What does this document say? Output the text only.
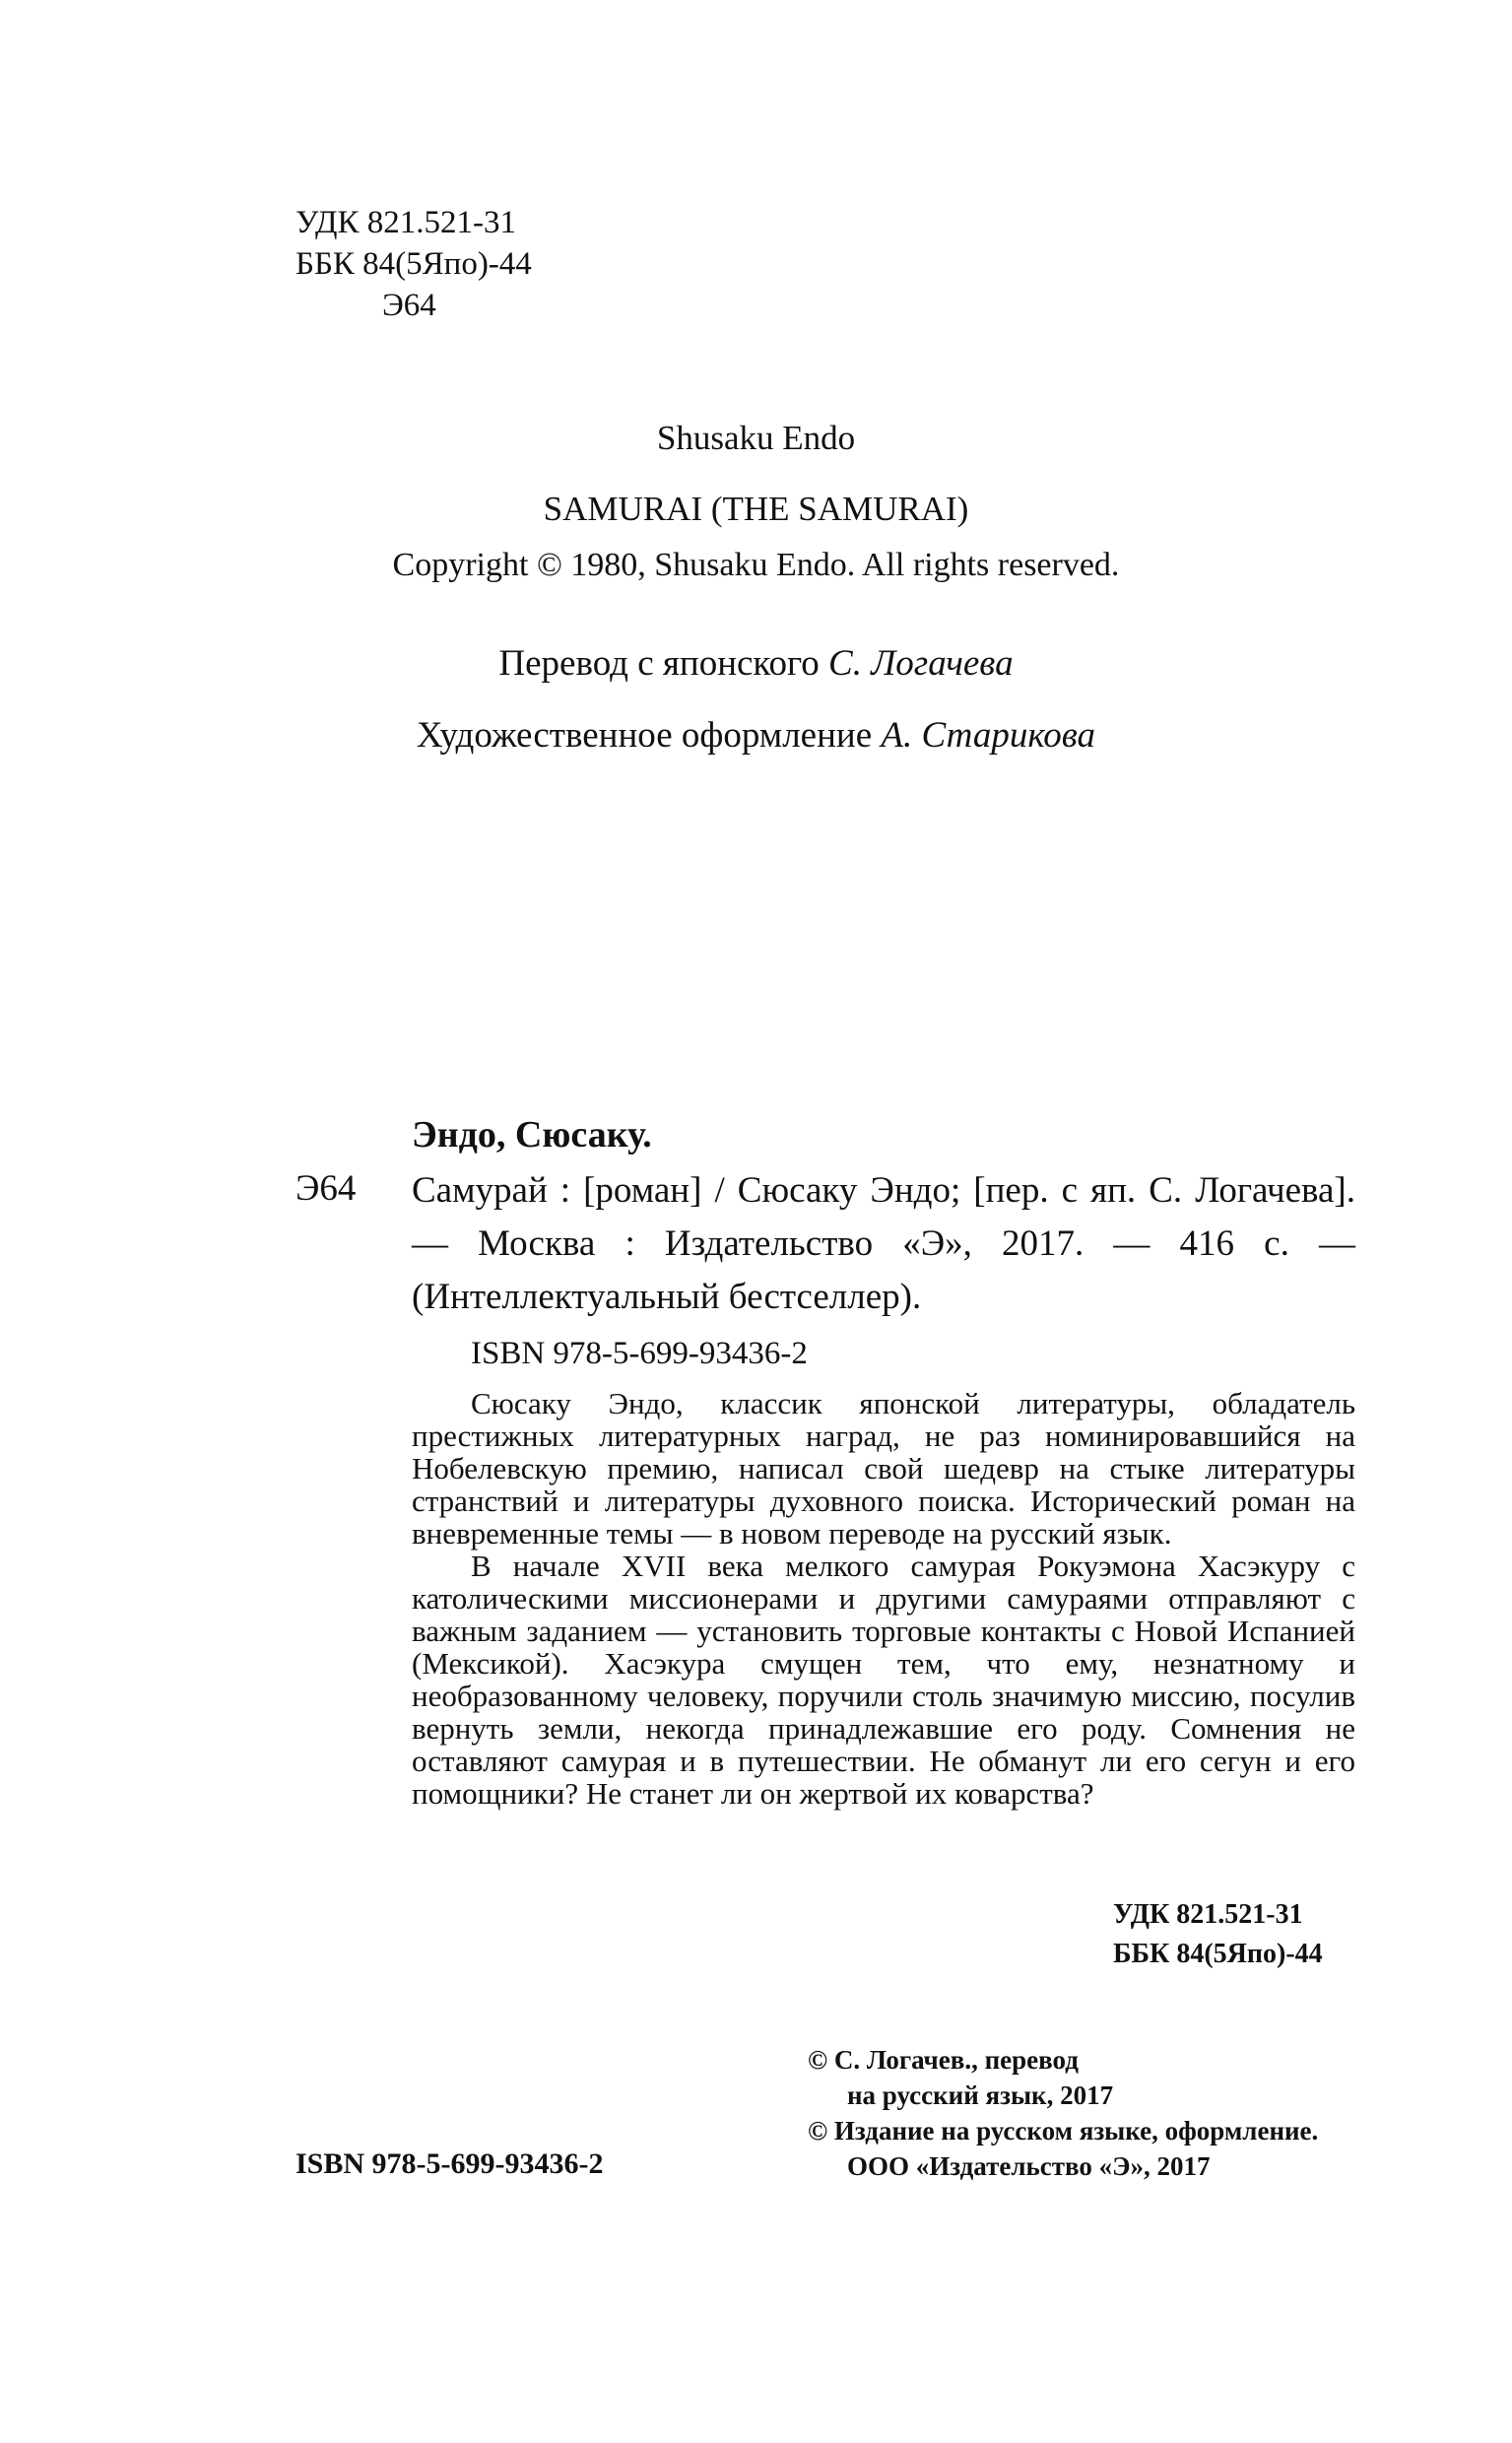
УДК 821.521-31
ББК 84(5Япо)-44
Э64
Shusaku Endo
SAMURAI (THE SAMURAI)
Copyright © 1980, Shusaku Endo. All rights reserved.
Перевод с японского С. Логачева
Художественное оформление А. Старикова
Эндо, Сюсаку.
Э64 Самурай : [роман] / Сюсаку Эндо; [пер. с яп. С. Логачева]. — Москва : Издательство «Э», 2017. — 416 с. — (Интеллектуальный бестселлер).
ISBN 978-5-699-93436-2

Сюсаку Эндо, классик японской литературы, обладатель престижных литературных наград, не раз номинировавшийся на Нобелевскую премию, написал свой шедевр на стыке литературы странствий и литературы духовного поиска. Исторический роман на вневременные темы — в новом переводе на русский язык.

В начале XVII века мелкого самурая Рокуэмона Хасэкуру с католическими миссионерами и другими самураями отправляют с важным заданием — установить торговые контакты с Новой Испанией (Мексикой). Хасэкура смущен тем, что ему, незнатному и необразованному человеку, поручили столь значимую миссию, посулив вернуть земли, некогда принадлежавшие его роду. Сомнения не оставляют самурая и в путешествии. Не обманут ли его сегун и его помощники? Не станет ли он жертвой их коварства?

УДК 821.521-31
ББК 84(5Япо)-44
© С. Логачев., перевод
на русский язык, 2017
© Издание на русском языке, оформление.
ООО «Издательство «Э», 2017
ISBN 978-5-699-93436-2
